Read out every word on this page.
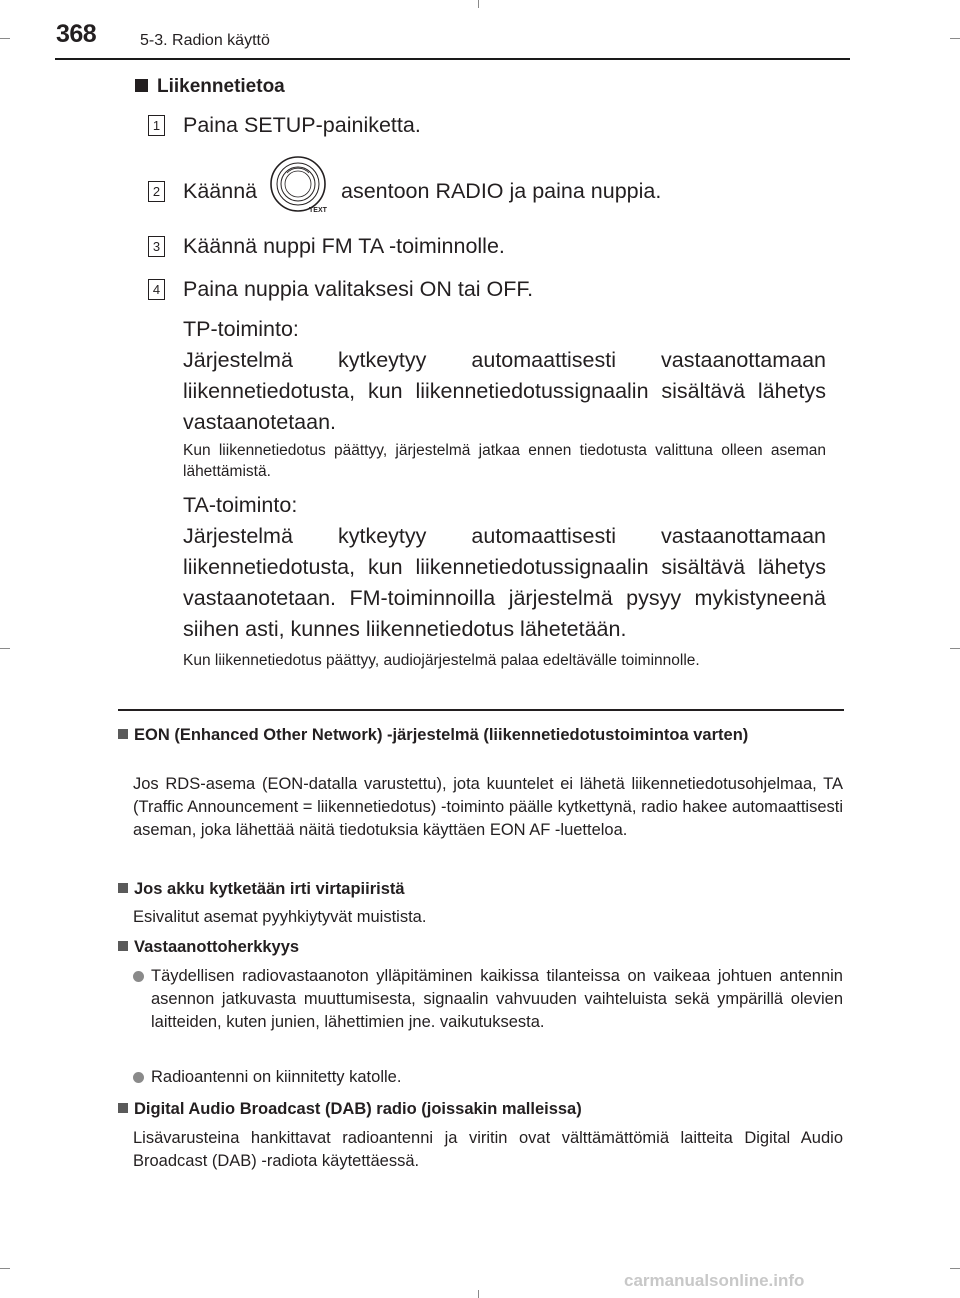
368	5-3. Radion käyttö
Liikennetietoa
1 Paina SETUP-painiketta.
2 Käännä
TEXT
asentoon RADIO ja paina nuppia.
3 Käännä nuppi FM TA -toiminnolle.
4 Paina nuppia valitaksesi ON tai OFF.
TP-toiminto:
Järjestelmä kytkeytyy automaattisesti vastaanottamaan liikennetiedotusta, kun liikennetiedotussignaalin sisältävä lähetys vastaanotetaan.
Kun liikennetiedotus päättyy, järjestelmä jatkaa ennen tiedotusta valittuna olleen aseman lähettämistä.
TA-toiminto:
Järjestelmä kytkeytyy automaattisesti vastaanottamaan liikennetiedotusta, kun liikennetiedotussignaalin sisältävä lähetys vastaanotetaan. FM-toiminnoilla järjestelmä pysyy mykistyneenä siihen asti, kunnes liikennetiedotus lähetetään.
Kun liikennetiedotus päättyy, audiojärjestelmä palaa edeltävälle toiminnolle.
EON (Enhanced Other Network) -järjestelmä (liikennetiedotustoimintoa varten)
Jos RDS-asema (EON-datalla varustettu), jota kuuntelet ei lähetä liikennetiedotusohjelmaa, TA (Traffic Announcement = liikennetiedotus) -toiminto päälle kytkettynä, radio hakee automaattisesti aseman, joka lähettää näitä tiedotuksia käyttäen EON AF -luetteloa.
Jos akku kytketään irti virtapiiristä
Esivalitut asemat pyyhkiytyvät muistista.
Vastaanottoherkkyys
Täydellisen radiovastaanoton ylläpitäminen kaikissa tilanteissa on vaikeaa johtuen antennin asennon jatkuvasta muuttumisesta, signaalin vahvuuden vaihteluista sekä ympärillä olevien laitteiden, kuten junien, lähettimien jne. vaikutuksesta.
Radioantenni on kiinnitetty katolle.
Digital Audio Broadcast (DAB) radio (joissakin malleissa)
Lisävarusteina hankittavat radioantenni ja viritin ovat välttämättömiä laitteita Digital Audio Broadcast (DAB) -radiota käytettäessä.
carmanualsonline.info
